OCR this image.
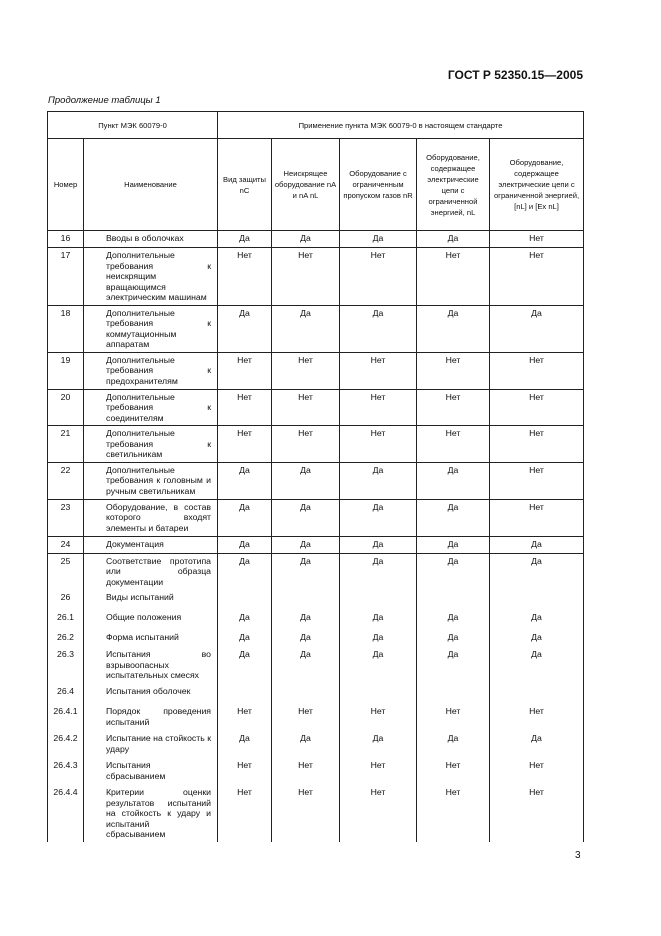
ГОСТ Р 52350.15—2005
Продолжение таблицы 1
Пункт МЭК 60079-0		Применение пункта МЭК 60079-0 в настоящем стандарте				
Номер	Наименование	Вид защиты nC	Неискрящее оборудование nA и nA nL	Оборудование с ограниченным пропуском газов nR	Оборудование, содержащее электрические цепи с ограниченной энергией, nL	Оборудование, содержащее электрические цепи с ограниченной энергией, [nL] и [Ex nL]
16	Вводы в оболочках	Да	Да	Да	Да	Нет
17	Дополнительные требования к неискрящим вращающимся электрическим машинам	Нет	Нет	Нет	Нет	Нет
18	Дополнительные требования к коммутационным аппаратам	Да	Да	Да	Да	Да
19	Дополнительные требования к предохранителям	Нет	Нет	Нет	Нет	Нет
20	Дополнительные требования к соединителям	Нет	Нет	Нет	Нет	Нет
21	Дополнительные требования к светильникам	Нет	Нет	Нет	Нет	Нет
22	Дополнительные требования к головным и ручным светильникам	Да	Да	Да	Да	Нет
23	Оборудование, в состав которого входят элементы и батареи	Да	Да	Да	Да	Нет
24	Документация	Да	Да	Да	Да	Да
25	Соответствие прототипа или образца документации	Да	Да	Да	Да	Да
26	Виды испытаний					
26.1	Общие положения	Да	Да	Да	Да	Да
26.2	Форма испытаний	Да	Да	Да	Да	Да
26.3	Испытания во взрывоопасных испытательных смесях	Да	Да	Да	Да	Да
26.4	Испытания оболочек					
26.4.1	Порядок проведения испытаний	Нет	Нет	Нет	Нет	Нет
26.4.2	Испытание на стойкость к удару	Да	Да	Да	Да	Да
26.4.3	Испытания сбрасыванием	Нет	Нет	Нет	Нет	Нет
26.4.4	Критерии оценки результатов испытаний на стойкость к удару и испытаний сбрасыванием	Нет	Нет	Нет	Нет	Нет
3
